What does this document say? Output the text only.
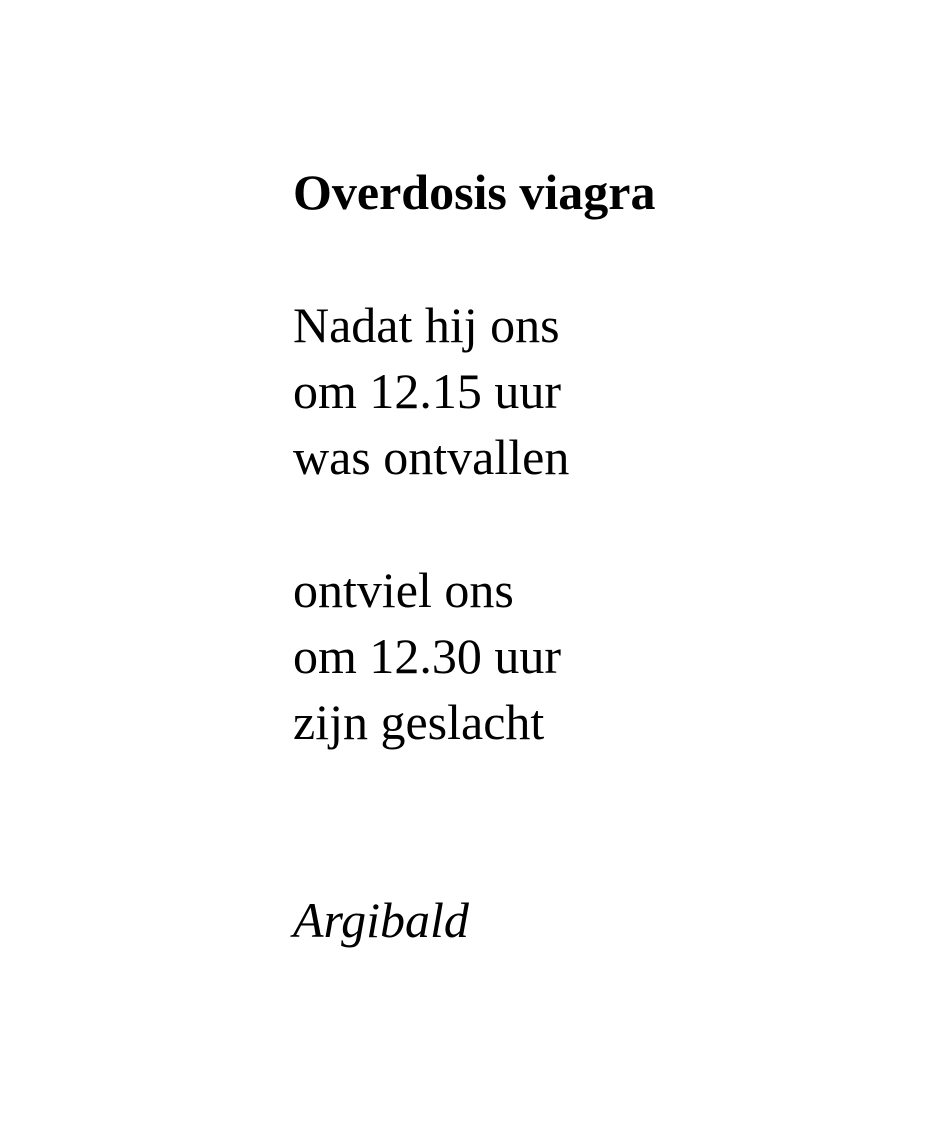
Overdosis viagra
Nadat hij ons
om 12.15 uur
was ontvallen
ontviel ons
om 12.30 uur
zijn geslacht

Argibald
